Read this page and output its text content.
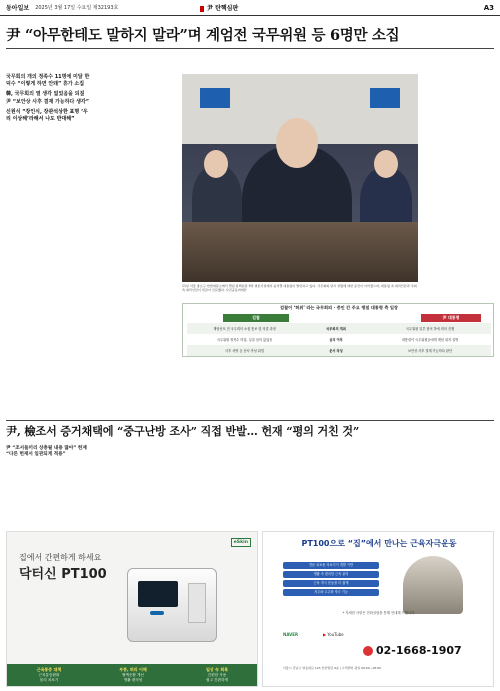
동아일보 2025년 3월 17일 수요일 제32193호	尹 탄핵심판	A3
尹 “아무한테도 말하지 말라”며 계엄전 국무위원 등 6명만 소집

국무회의 개의 정족수 11명에 미달 한덕수 “이렇게 하면 안돼” 휴가 소집

韓, 국무회의 열 생각 없었음을 되짚 尹 “보안상 사후 결재 가능하다 생각”

신원식 “장인식, 장관석상한 표명 ‘우리 이상해’라해서 나도 반대해”

11일 서울 종로구 헌법재판소에서 열린 탄핵심판 9차 변론기일에서 윤석열 대통령이 발언하고 있다. 국무회의 당시 상황에 대한 증언이 이어졌으며, 대통령 측 대리인단과 국회 측 대리인단이 번갈아 신문했다. 사진공동취재단
검찰이 ‘허위’ 라는 국무회의 · 증인 간 주요 쟁점 대통령 측 입장
검찰	尹 대통령
계엄선포 전 국무회의 소집 통보 및 의결 과정	국무회의 개최	국무위원 일부 참석 하에 회의 진행
국무위원 정족수 미달, 실질 심의 없었음	심의 여부	대통령이 국무위원들에게 계엄 취지 설명
사후 서명 등 문서 작성 위법	문서 작성	보안상 사후 결재 가능하다 판단
尹, 檢조서 증거채택에 “중구난방 조사” 직접 반발… 헌재 “평의 거친 것”
尹 “조서들끼리 상충될 내용 많아” 헌재 “다른 헌재서 일관되게 적용”
eSkin
집에서 간편하게 하세요
닥터신 PT100
근육통증 대책
근육통증완화
물리 치료기
부종, 허리 이해
혈액순환 개선
생활 편의성
일상 속 회복
간편한 사용
쉽고 간편하게
PT100으로 “집”에서 만나는 근육자극운동
전문 치료용 의료기기 개발 기반
생활 속 편리한 근육 관리
근육 자극 운동을 더 쉽게
저주파·고주파 자극 기능
* 자세한 사항은 전화상담을 통해 안내해 드립니다.
NAVER	▶ YouTube
02-1668-1907
서울시 강남구 영동대로 123 신한빌딩 9층 | 고객센터 평일 09:00~18:00
